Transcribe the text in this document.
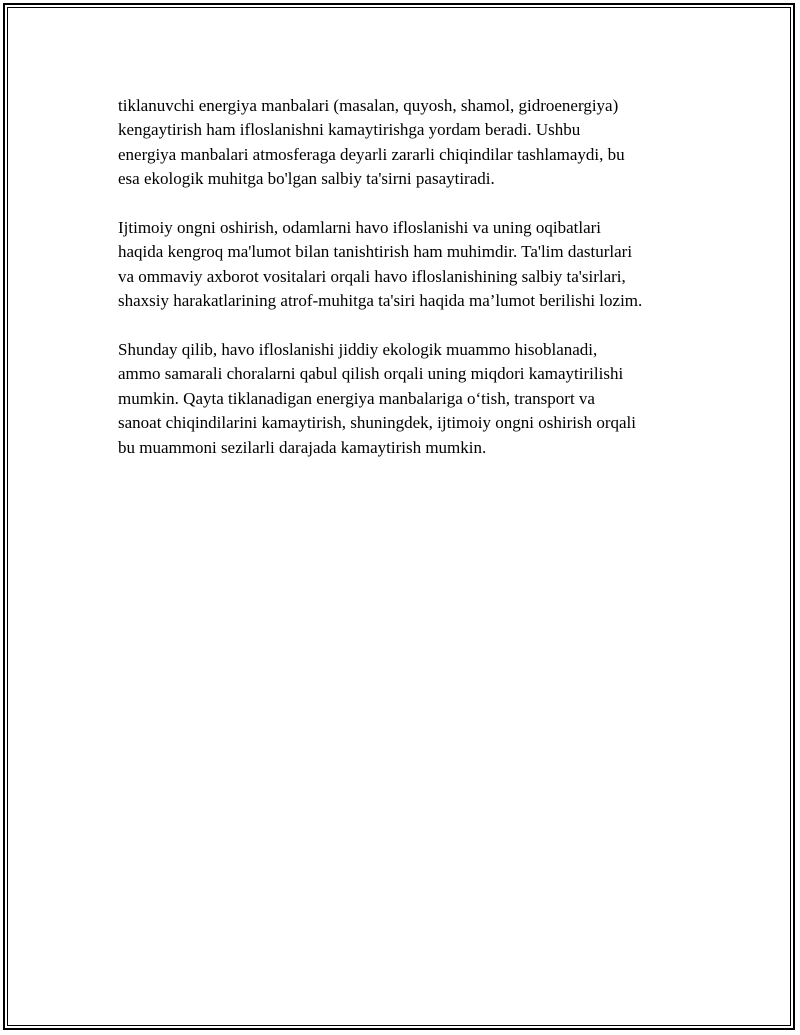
tiklanuvchi energiya manbalari (masalan, quyosh, shamol, gidroenergiya)
kengaytirish ham ifloslanishni kamaytirishga yordam beradi. Ushbu
energiya manbalari atmosferaga deyarli zararli chiqindilar tashlamaydi, bu
esa ekologik muhitga bo'lgan salbiy ta'sirni pasaytiradi.

Ijtimoiy ongni oshirish, odamlarni havo ifloslanishi va uning oqibatlari
haqida kengroq ma'lumot bilan tanishtirish ham muhimdir. Ta'lim dasturlari
va ommaviy axborot vositalari orqali havo ifloslanishining salbiy ta'sirlari,
shaxsiy harakatlarining atrof-muhitga ta'siri haqida ma’lumot berilishi lozim.

Shunday qilib, havo ifloslanishi jiddiy ekologik muammo hisoblanadi,
ammo samarali choralarni qabul qilish orqali uning miqdori kamaytirilishi
mumkin. Qayta tiklanadigan energiya manbalariga o‘tish, transport va
sanoat chiqindilarini kamaytirish, shuningdek, ijtimoiy ongni oshirish orqali
bu muammoni sezilarli darajada kamaytirish mumkin.
